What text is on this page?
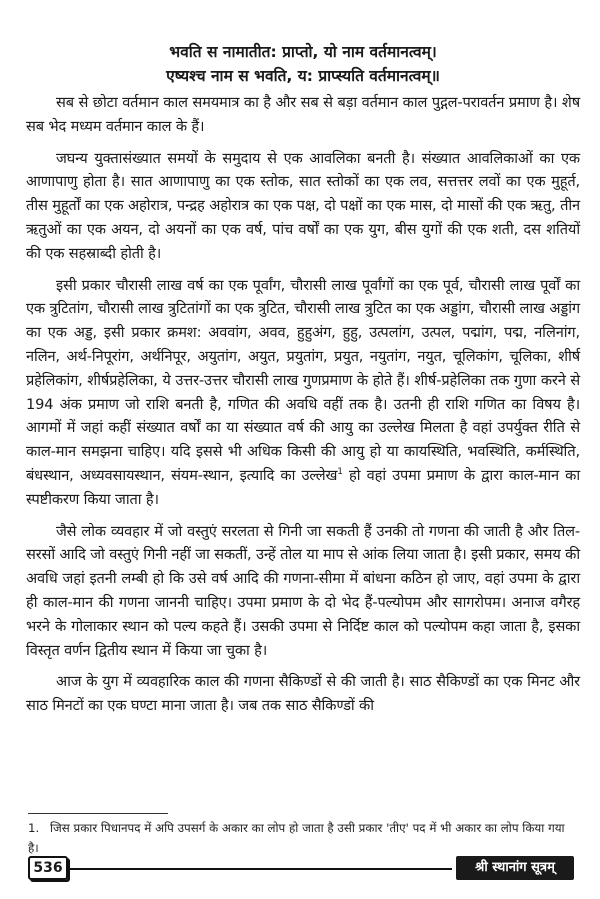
भवति स नामातीत: प्राप्तो, यो नाम वर्तमानत्वम्।
एष्यश्च नाम स भवति, य: प्राप्स्यति वर्तमानत्वम्॥

सब से छोटा वर्तमान काल समयमात्र का है और सब से बड़ा वर्तमान काल पुद्गल-परावर्तन प्रमाण है। शेष सब भेद मध्यम वर्तमान काल के हैं।

जघन्य युक्तासंख्यात समयों के समुदाय से एक आवलिका बनती है। संख्यात आवलिकाओं का एक आणापाणु होता है। सात आणापाणु का एक स्तोक, सात स्तोकों का एक लव, सत्तत्तर लवों का एक मुहूर्त, तीस मुहूर्तों का एक अहोरात्र, पन्द्रह अहोरात्र का एक पक्ष, दो पक्षों का एक मास, दो मासों की एक ऋतु, तीन ऋतुओं का एक अयन, दो अयनों का एक वर्ष, पांच वर्षों का एक युग, बीस युगों की एक शती, दस शतियों की एक सहस्राब्दी होती है।

इसी प्रकार चौरासी लाख वर्ष का एक पूर्वांग, चौरासी लाख पूर्वांगों का एक पूर्व, चौरासी लाख पूर्वों का एक त्रुटितांग, चौरासी लाख त्रुटितांगों का एक त्रुटित, चौरासी लाख त्रुटित का एक अड्डांग, चौरासी लाख अड्डांग का एक अड्ड, इसी प्रकार क्रमश: अववांग, अवव, हुहुअंग, हुहु, उत्पलांग, उत्पल, पद्मांग, पद्म, नलिनांग, नलिन, अर्थ-निपूरांग, अर्थनिपूर, अयुतांग, अयुत, प्रयुतांग, प्रयुत, नयुतांग, नयुत, चूलिकांग, चूलिका, शीर्ष प्रहेलिकांग, शीर्षप्रहेलिका, ये उत्तर-उत्तर चौरासी लाख गुणप्रमाण के होते हैं। शीर्ष-प्रहेलिका तक गुणा करने से 194 अंक प्रमाण जो राशि बनती है, गणित की अवधि वहीं तक है। उतनी ही राशि गणित का विषय है। आगमों में जहां कहीं संख्यात वर्षों का या संख्यात वर्ष की आयु का उल्लेख मिलता है वहां उपर्युक्त रीति से काल-मान समझना चाहिए। यदि इससे भी अधिक किसी की आयु हो या कायस्थिति, भवस्थिति, कर्मस्थिति, बंधस्थान, अध्यवसायस्थान, संयम-स्थान, इत्यादि का उल्लेख$^1$ हो वहां उपमा प्रमाण के द्वारा काल-मान का स्पष्टीकरण किया जाता है।

जैसे लोक व्यवहार में जो वस्तुएं सरलता से गिनी जा सकती हैं उनकी तो गणना की जाती है और तिल-सरसों आदि जो वस्तुएं गिनी नहीं जा सकतीं, उन्हें तोल या माप से आंक लिया जाता है। इसी प्रकार, समय की अवधि जहां इतनी लम्बी हो कि उसे वर्ष आदि की गणना-सीमा में बांधना कठिन हो जाए, वहां उपमा के द्वारा ही काल-मान की गणना जाननी चाहिए। उपमा प्रमाण के दो भेद हैं-पल्योपम और सागरोपम। अनाज वगैरह भरने के गोलाकार स्थान को पल्य कहते हैं। उसकी उपमा से निर्दिष्ट काल को पल्योपम कहा जाता है, इसका विस्तृत वर्णन द्वितीय स्थान में किया जा चुका है।

आज के युग में व्यवहारिक काल की गणना सैकिण्डों से की जाती है। साठ सैकिण्डों का एक मिनट और साठ मिनटों का एक घण्टा माना जाता है। जब तक साठ सैकिण्डों की

1. जिस प्रकार पिधानपद में अपि उपसर्ग के अकार का लोप हो जाता है उसी प्रकार 'तीए' पद में भी अकार का लोप किया गया है।
536	श्री स्थानांग सूत्रम्
